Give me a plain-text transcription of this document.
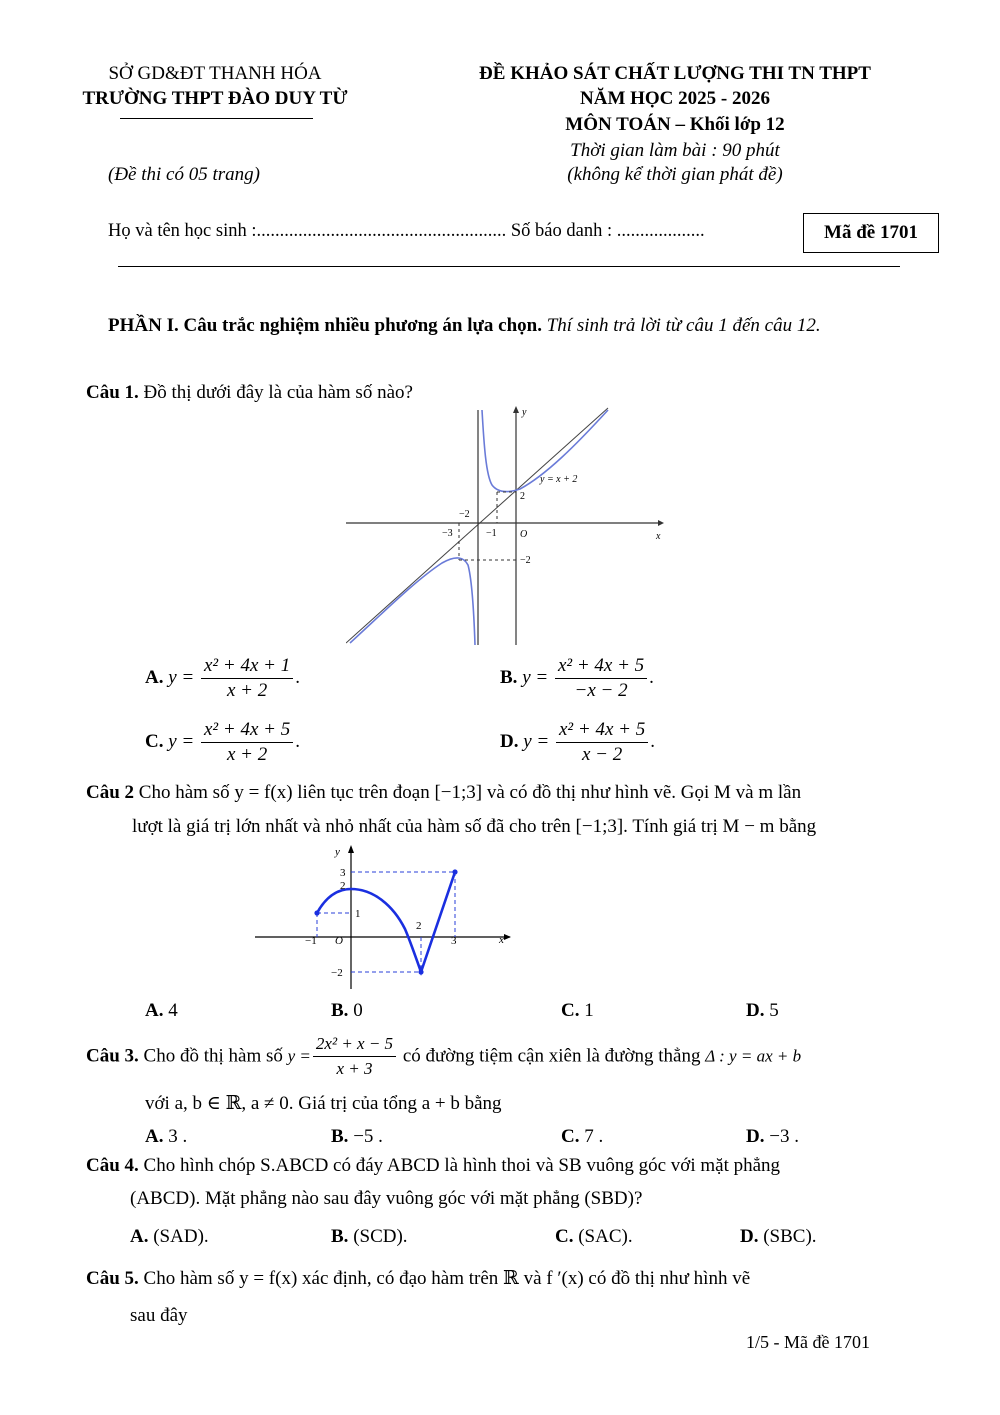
SỞ GD&ĐT THANH HÓA
TRƯỜNG THPT ĐÀO DUY TỪ
ĐỀ KHẢO SÁT CHẤT LƯỢNG THI TN THPT
NĂM HỌC 2025 - 2026
MÔN TOÁN – Khối lớp 12
Thời gian làm bài : 90 phút
(không kể thời gian phát đề)
(Đề thi có 05 trang)
Họ và tên học sinh :...................................................... Số báo danh : ...................	Mã đề 1701
PHẦN I. Câu trắc nghiệm nhiều phương án lựa chọn. Thí sinh trả lời từ câu 1 đến câu 12.
Câu 1. Đồ thị dưới đây là của hàm số nào?
y
x
O
y = x + 2
2
−2
−2
−3	−1
A. $y = \frac{\text{x² + 4x + 1}}{x + 2}$ .	B. $y = \frac{\text{x² + 4x + 5}}{-x - 2}$ .
C. $y = \frac{\text{x² + 4x + 5}}{x + 2}$ .	D. $y = \frac{\text{x² + 4x + 5}}{x - 2}$ .
Câu 2 Cho hàm số y = f(x) liên tục trên đoạn [−1;3] và có đồ thị như hình vẽ. Gọi M và m lần
lượt là giá trị lớn nhất và nhỏ nhất của hàm số đã cho trên [−1;3]. Tính giá trị M − m bằng
y
x
O
3
2
1
−1
2
3
−2
A. 4	B. 0	C. 1	D. 5
Câu 3. Cho đồ thị hàm số $y = \frac{\text{2x² + x − 5}}{x + 3}$ có đường tiệm cận xiên là đường thẳng Δ : y = ax + b
với a, b ∈ ℝ, a ≠ 0. Giá trị của tổng a + b bằng
A. 3 .	B. −5 .	C. 7 .	D. −3 .
Câu 4. Cho hình chóp S.ABCD có đáy ABCD là hình thoi và SB vuông góc với mặt phẳng
(ABCD). Mặt phẳng nào sau đây vuông góc với mặt phẳng (SBD)?
A. (SAD).	B. (SCD).	C. (SAC).	D. (SBC).
Câu 5. Cho hàm số y = f(x) xác định, có đạo hàm trên ℝ và f ′(x) có đồ thị như hình vẽ
sau đây
1/5 - Mã đề 1701
